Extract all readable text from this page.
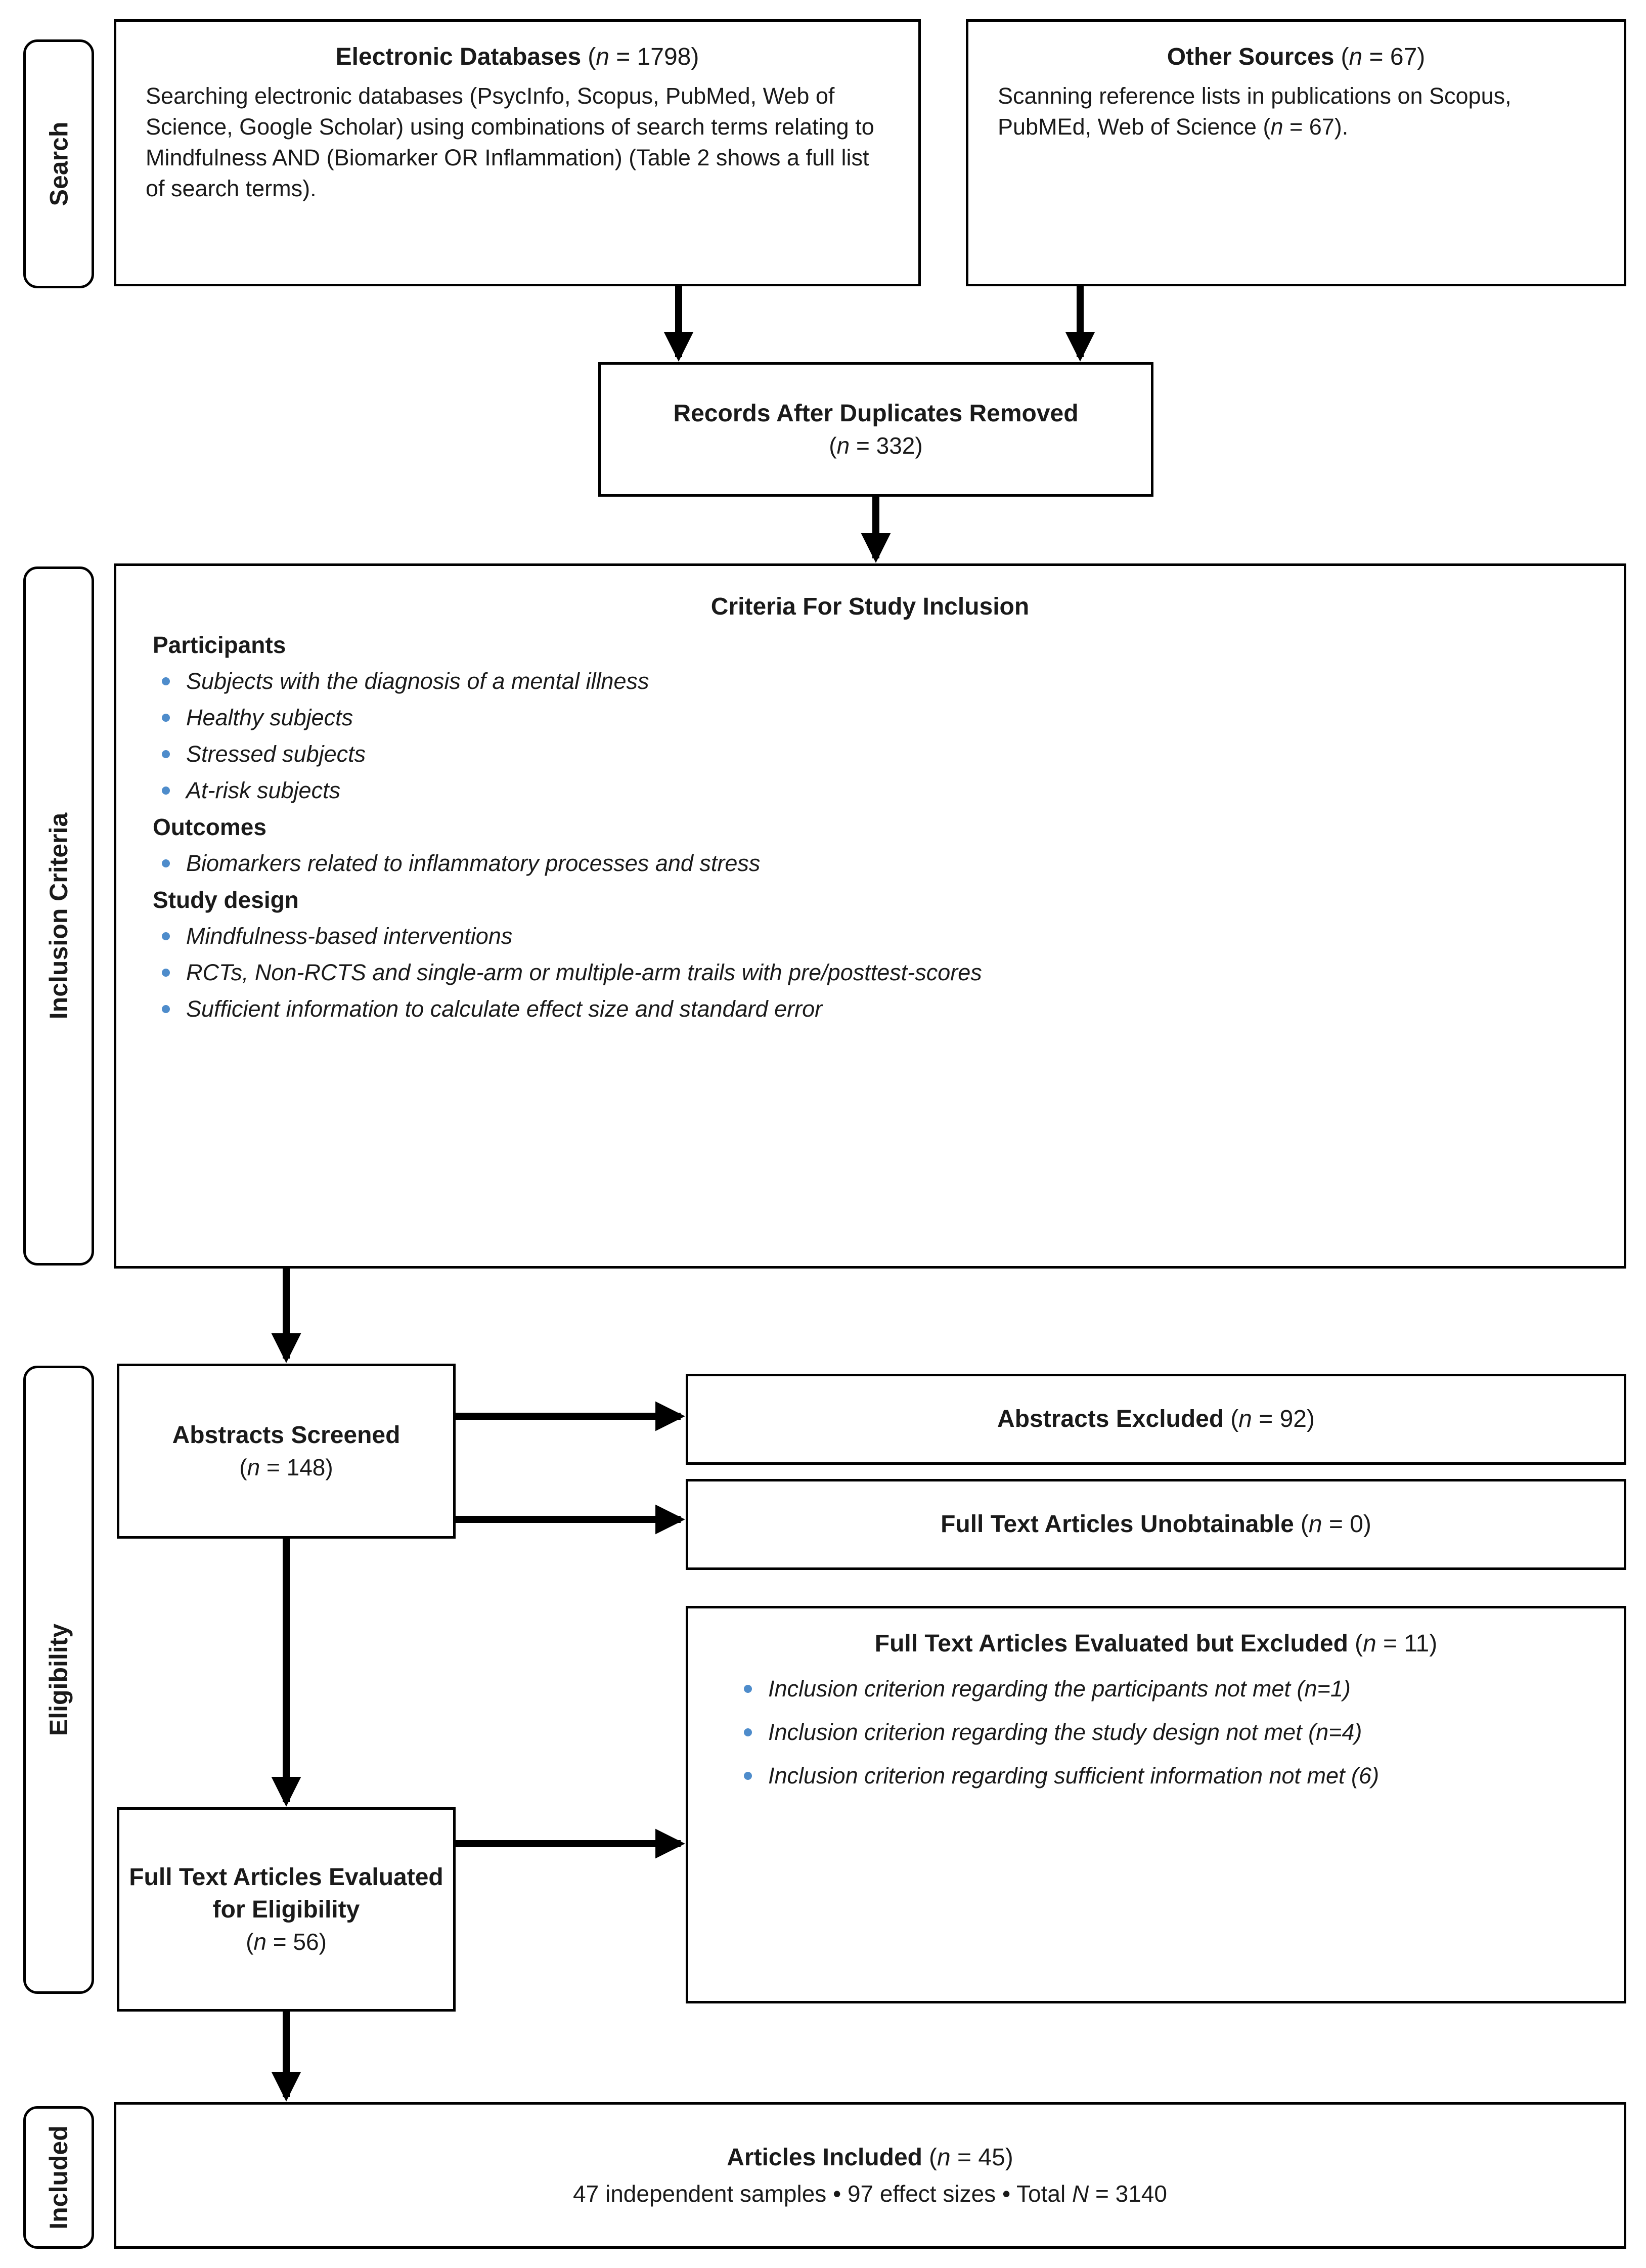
Search
Inclusion Criteria
Eligibility
Included
Electronic Databases (n = 1798)
Searching electronic databases (PsycInfo, Scopus, PubMed, Web of Science, Google Scholar) using combinations of search terms relating to Mindfulness AND (Biomarker OR Inflammation) (Table 2 shows a full list of search terms).
Other Sources (n = 67)
Scanning reference lists in publications on Scopus, PubMEd, Web of Science (n = 67).
Records After Duplicates Removed
(n = 332)
Criteria For Study Inclusion
Participants
Subjects with the diagnosis of a mental illness
Healthy subjects
Stressed subjects
At-risk subjects
Outcomes
Biomarkers related to inflammatory processes and stress
Study design
Mindfulness-based interventions
RCTs, Non-RCTS and single-arm or multiple-arm trails with pre/posttest-scores
Sufficient information to calculate effect size and standard error
Abstracts Screened
(n = 148)
Abstracts Excluded (n = 92)
Full Text Articles Unobtainable (n = 0)
Full Text Articles Evaluated but Excluded (n = 11)
Inclusion criterion regarding the participants not met (n=1)
Inclusion criterion regarding the study design not met (n=4)
Inclusion criterion regarding sufficient information not met (6)
Full Text Articles Evaluated for Eligibility
(n = 56)
Articles Included (n = 45)
47 independent samples • 97 effect sizes • Total N = 3140
